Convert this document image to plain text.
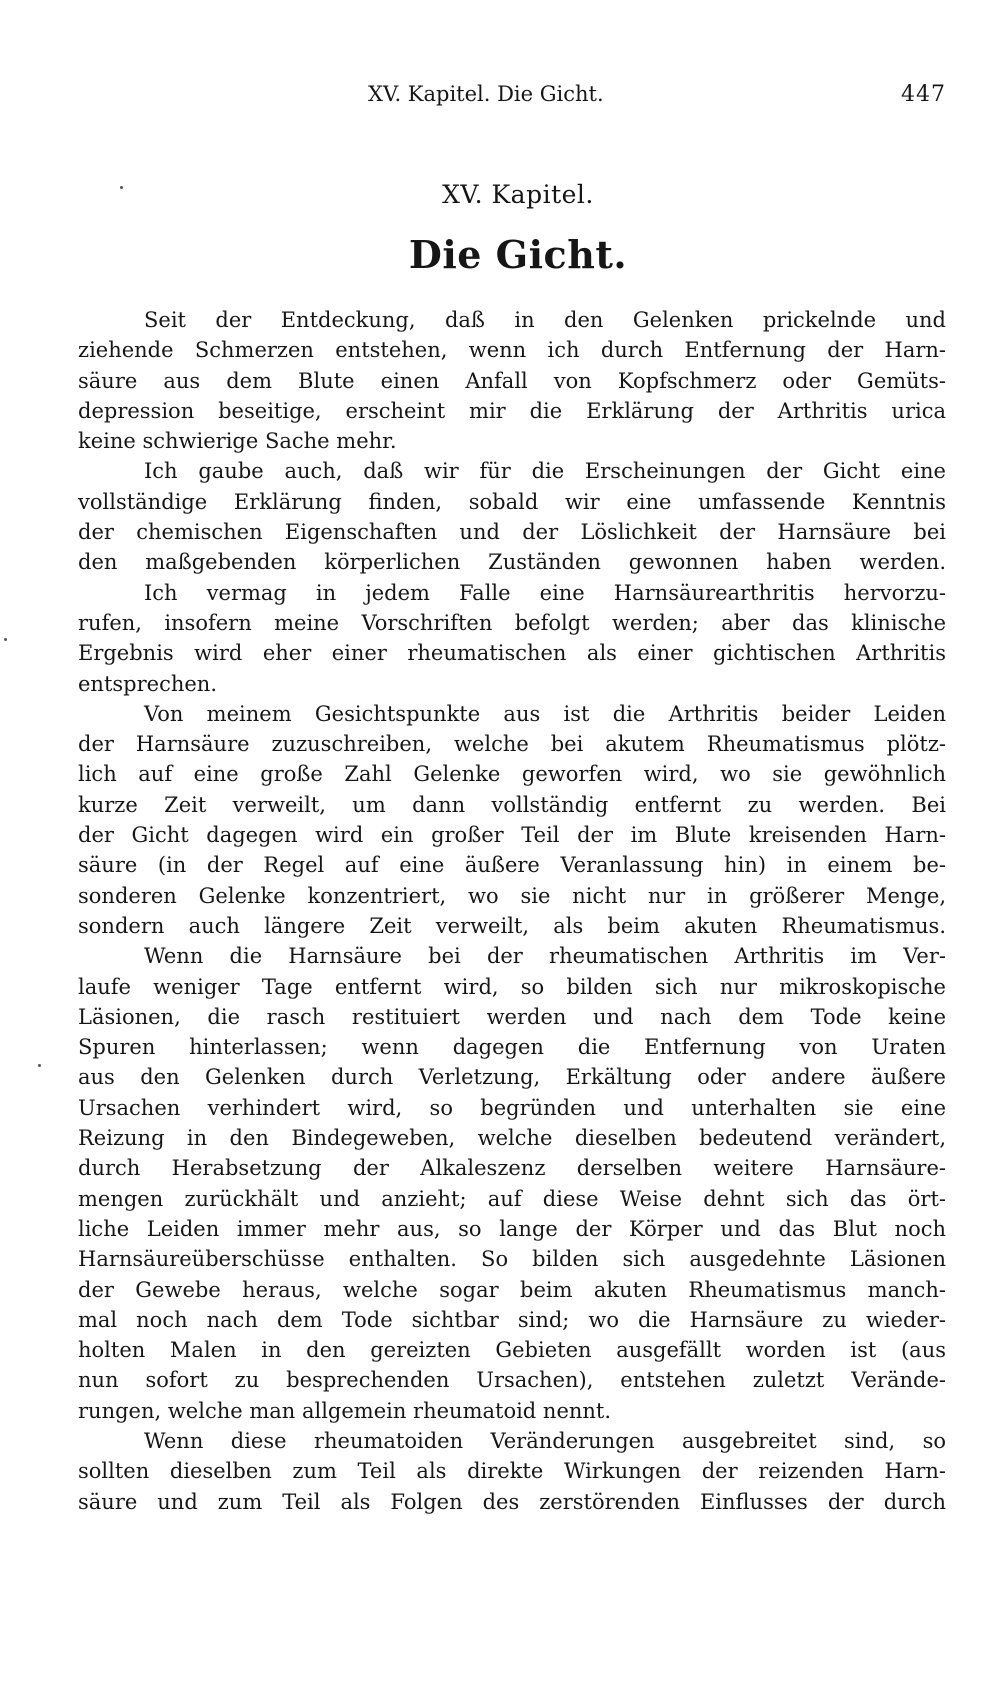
XV. Kapitel. Die Gicht.	447
XV. Kapitel.
Die Gicht.
Seit der Entdeckung, daß in den Gelenken prickelnde und
ziehende Schmerzen entstehen, wenn ich durch Entfernung der Harn-
säure aus dem Blute einen Anfall von Kopfschmerz oder Gemüts-
depression beseitige, erscheint mir die Erklärung der Arthritis urica
keine schwierige Sache mehr.
Ich gaube auch, daß wir für die Erscheinungen der Gicht eine
vollständige Erklärung finden, sobald wir eine umfassende Kenntnis
der chemischen Eigenschaften und der Löslichkeit der Harnsäure bei
den maßgebenden körperlichen Zuständen gewonnen haben werden.
Ich vermag in jedem Falle eine Harnsäurearthritis hervorzu-
rufen, insofern meine Vorschriften befolgt werden; aber das klinische
Ergebnis wird eher einer rheumatischen als einer gichtischen Arthritis
entsprechen.
Von meinem Gesichtspunkte aus ist die Arthritis beider Leiden
der Harnsäure zuzuschreiben, welche bei akutem Rheumatismus plötz-
lich auf eine große Zahl Gelenke geworfen wird, wo sie gewöhnlich
kurze Zeit verweilt, um dann vollständig entfernt zu werden. Bei
der Gicht dagegen wird ein großer Teil der im Blute kreisenden Harn-
säure (in der Regel auf eine äußere Veranlassung hin) in einem be-
sonderen Gelenke konzentriert, wo sie nicht nur in größerer Menge,
sondern auch längere Zeit verweilt, als beim akuten Rheumatismus.
Wenn die Harnsäure bei der rheumatischen Arthritis im Ver-
laufe weniger Tage entfernt wird, so bilden sich nur mikroskopische
Läsionen, die rasch restituiert werden und nach dem Tode keine
Spuren hinterlassen; wenn dagegen die Entfernung von Uraten
aus den Gelenken durch Verletzung, Erkältung oder andere äußere
Ursachen verhindert wird, so begründen und unterhalten sie eine
Reizung in den Bindegeweben, welche dieselben bedeutend verändert,
durch Herabsetzung der Alkaleszenz derselben weitere Harnsäure-
mengen zurückhält und anzieht; auf diese Weise dehnt sich das ört-
liche Leiden immer mehr aus, so lange der Körper und das Blut noch
Harnsäureüberschüsse enthalten. So bilden sich ausgedehnte Läsionen
der Gewebe heraus, welche sogar beim akuten Rheumatismus manch-
mal noch nach dem Tode sichtbar sind; wo die Harnsäure zu wieder-
holten Malen in den gereizten Gebieten ausgefällt worden ist (aus
nun sofort zu besprechenden Ursachen), entstehen zuletzt Verände-
rungen, welche man allgemein rheumatoid nennt.
Wenn diese rheumatoiden Veränderungen ausgebreitet sind, so
sollten dieselben zum Teil als direkte Wirkungen der reizenden Harn-
säure und zum Teil als Folgen des zerstörenden Einflusses der durch
